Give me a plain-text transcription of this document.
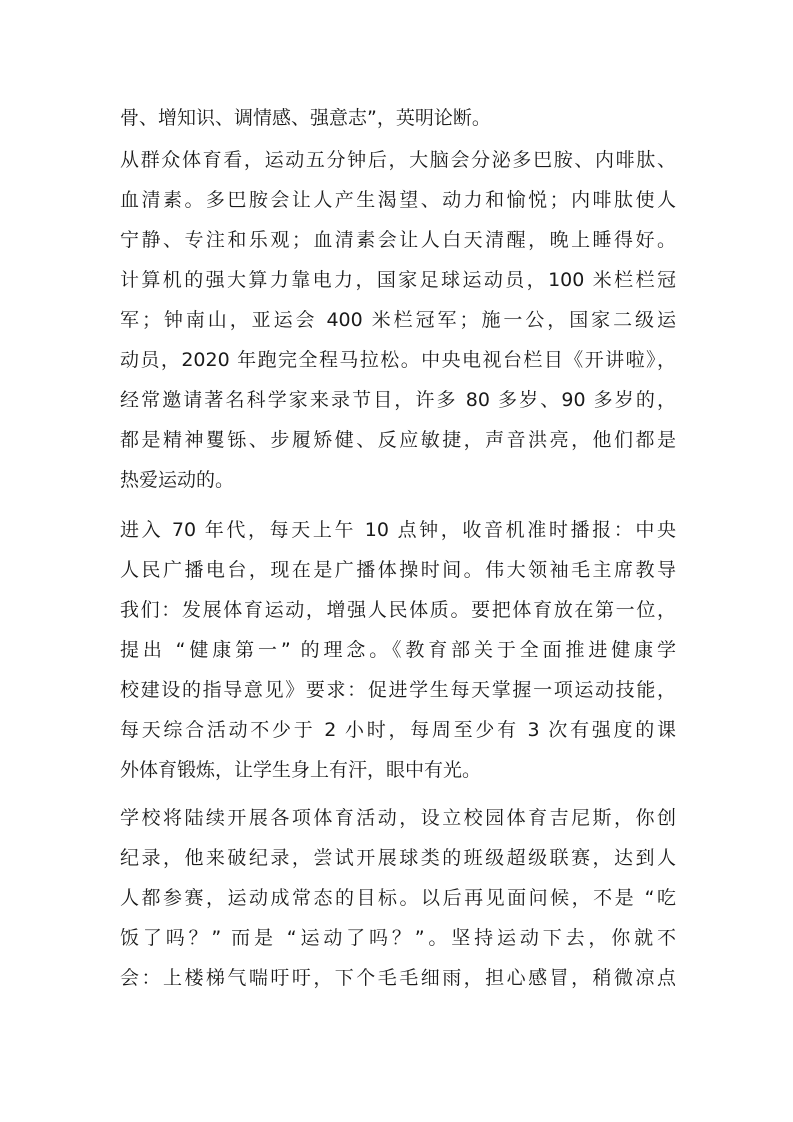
骨、增知识、调情感、强意志”，英明论断。
从群众体育看，运动五分钟后，大脑会分泌多巴胺、内啡肽、
血清素。多巴胺会让人产生渴望、动力和愉悦；内啡肽使人
宁静、专注和乐观；血清素会让人白天清醒，晚上睡得好。
计算机的强大算力靠电力，国家足球运动员，100 米栏栏冠
军；钟南山，亚运会 400 米栏冠军；施一公，国家二级运
动员，2020 年跑完全程马拉松。中央电视台栏目《开讲啦》，
经常邀请著名科学家来录节目，许多 80 多岁、90 多岁的，
都是精神矍铄、步履矫健、反应敏捷，声音洪亮，他们都是
热爱运动的。
进入 70 年代，每天上午 10 点钟，收音机准时播报：中央
人民广播电台，现在是广播体操时间。伟大领袖毛主席教导
我们：发展体育运动，增强人民体质。要把体育放在第一位，
提出 “健康第一” 的理念。《教育部关于全面推进健康学
校建设的指导意见》要求：促进学生每天掌握一项运动技能，
每天综合活动不少于 2 小时，每周至少有 3 次有强度的课
外体育锻炼，让学生身上有汗，眼中有光。
学校将陆续开展各项体育活动，设立校园体育吉尼斯，你创
纪录，他来破纪录，尝试开展球类的班级超级联赛，达到人
人都参赛，运动成常态的目标。以后再见面问候，不是 “吃
饭了吗？” 而是 “运动了吗？”。坚持运动下去，你就不
会：上楼梯气喘吁吁，下个毛毛细雨，担心感冒，稍微凉点
